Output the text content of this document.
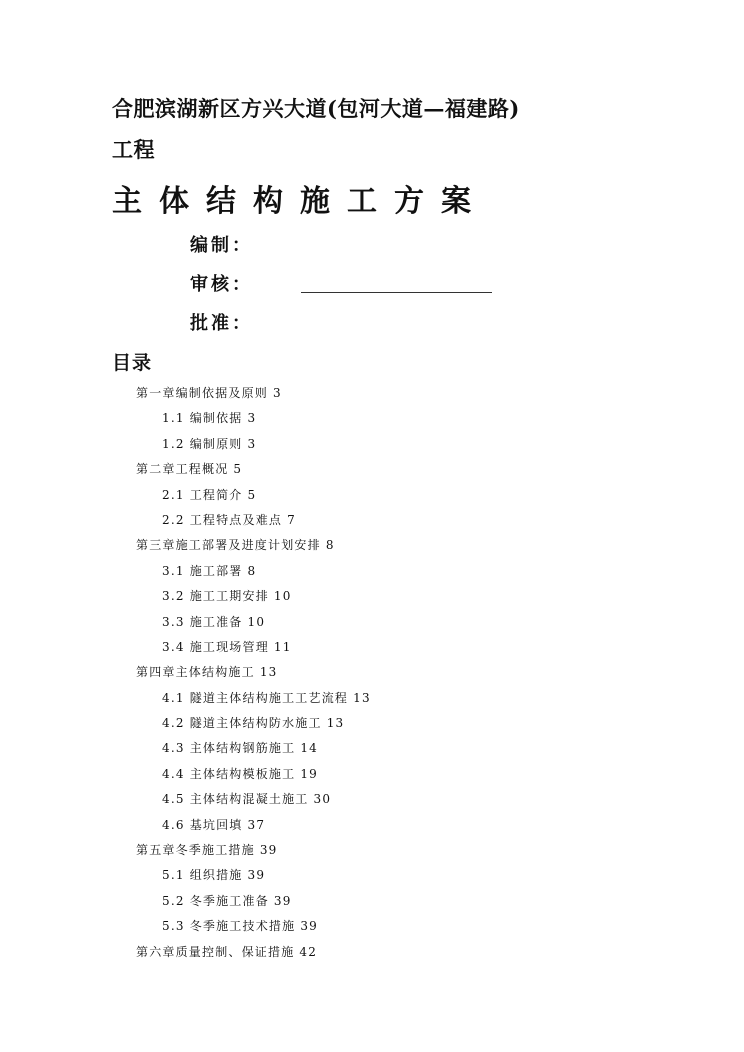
合肥滨湖新区方兴大道(包河大道—福建路)
工程
主体结构施工方案
编制：
审核：
批准：
目录
第一章编制依据及原则 3
1.1 编制依据 3
1.2 编制原则 3
第二章工程概况 5
2.1 工程简介 5
2.2 工程特点及难点 7
第三章施工部署及进度计划安排 8
3.1 施工部署 8
3.2 施工工期安排 10
3.3 施工准备 10
3.4 施工现场管理 11
第四章主体结构施工 13
4.1 隧道主体结构施工工艺流程 13
4.2 隧道主体结构防水施工 13
4.3 主体结构钢筋施工 14
4.4 主体结构模板施工 19
4.5 主体结构混凝土施工 30
4.6 基坑回填 37
第五章冬季施工措施 39
5.1 组织措施 39
5.2 冬季施工准备 39
5.3 冬季施工技术措施 39
第六章质量控制、保证措施 42
